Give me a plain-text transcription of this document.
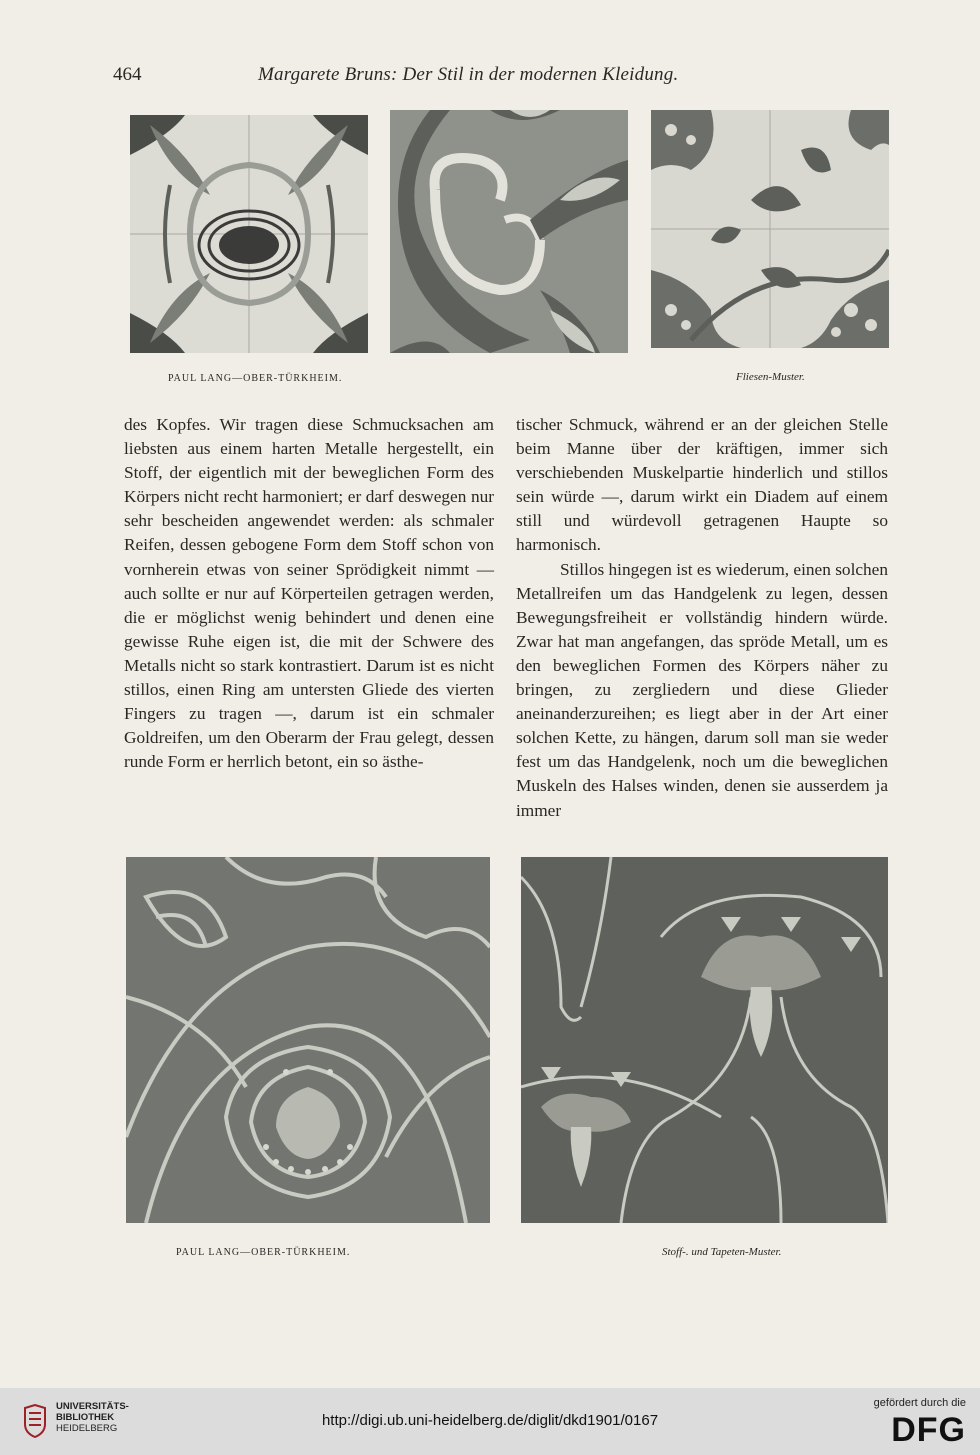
464	Margarete Bruns: Der Stil in der modernen Kleidung.
PAUL LANG—OBER-TÜRKHEIM.	Fliesen-Muster.

des Kopfes. Wir tragen diese Schmucksachen am liebsten aus einem harten Metalle hergestellt, ein Stoff, der eigentlich mit der beweglichen Form des Körpers nicht recht harmoniert; er darf deswegen nur sehr bescheiden angewendet werden: als schmaler Reifen, dessen gebogene Form dem Stoff schon von vornherein etwas von seiner Sprödigkeit nimmt — auch sollte er nur auf Körperteilen getragen werden, die er möglichst wenig behindert und denen eine gewisse Ruhe eigen ist, die mit der Schwere des Metalls nicht so stark kontrastiert. Darum ist es nicht stillos, einen Ring am untersten Gliede des vierten Fingers zu tragen —, darum ist ein schmaler Goldreifen, um den Oberarm der Frau gelegt, dessen runde Form er herrlich betont, ein so ästhe-

tischer Schmuck, während er an der gleichen Stelle beim Manne über der kräftigen, immer sich verschiebenden Muskelpartie hinderlich und stillos sein würde —, darum wirkt ein Diadem auf einem still und würdevoll getragenen Haupte so harmonisch.

Stillos hingegen ist es wiederum, einen solchen Metallreifen um das Handgelenk zu legen, dessen Bewegungsfreiheit er vollständig hindern würde. Zwar hat man angefangen, das spröde Metall, um es den beweglichen Formen des Körpers näher zu bringen, zu zergliedern und diese Glieder aneinanderzureihen; es liegt aber in der Art einer solchen Kette, zu hängen, darum soll man sie weder fest um das Handgelenk, noch um die beweglichen Muskeln des Halses winden, denen sie ausserdem ja immer

PAUL LANG—OBER-TÜRKHEIM.	Stoff-. und Tapeten-Muster.
UNIVERSITÄTS-
BIBLIOTHEK
HEIDELBERG	http://digi.ub.uni-heidelberg.de/diglit/dkd1901/0167
gefördert durch die
DFG
